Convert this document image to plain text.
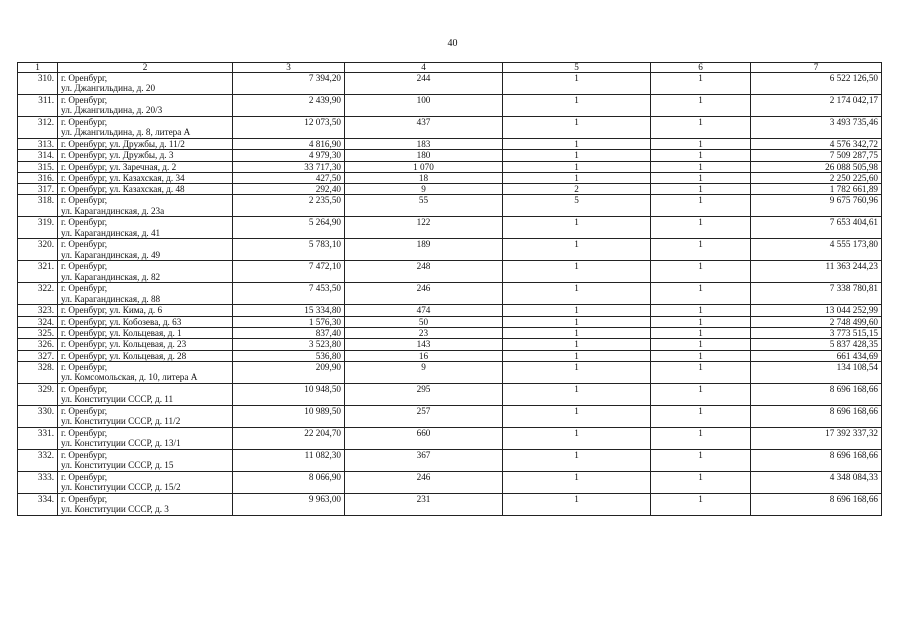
40
1	2	3	4	5	6	7
310.	г. Оренбург,
ул. Джангильдина, д. 20	7 394,20	244	1	1	6 522 126,50
311.	г. Оренбург,
ул. Джангильдина, д. 20/3	2 439,90	100	1	1	2 174 042,17
312.	г. Оренбург,
ул. Джангильдина, д. 8, литера А	12 073,50	437	1	1	3 493 735,46
313.	г. Оренбург, ул. Дружбы, д. 11/2	4 816,90	183	1	1	4 576 342,72
314.	г. Оренбург, ул. Дружбы, д. 3	4 979,30	180	1	1	7 509 287,75
315.	г. Оренбург, ул. Заречная, д. 2	33 717,30	1 070	1	1	26 088 505,98
316.	г. Оренбург, ул. Казахская, д. 34	427,50	18	1	1	2 250 225,60
317.	г. Оренбург, ул. Казахская, д. 48	292,40	9	2	1	1 782 661,89
318.	г. Оренбург,
ул. Карагандинская, д. 23а	2 235,50	55	5	1	9 675 760,96
319.	г. Оренбург,
ул. Карагандинская, д. 41	5 264,90	122	1	1	7 653 404,61
320.	г. Оренбург,
ул. Карагандинская, д. 49	5 783,10	189	1	1	4 555 173,80
321.	г. Оренбург,
ул. Карагандинская, д. 82	7 472,10	248	1	1	11 363 244,23
322.	г. Оренбург,
ул. Карагандинская, д. 88	7 453,50	246	1	1	7 338 780,81
323.	г. Оренбург, ул. Кима, д. 6	15 334,80	474	1	1	13 044 252,99
324.	г. Оренбург, ул. Кобозева, д. 63	1 576,30	50	1	1	2 748 499,60
325.	г. Оренбург, ул. Кольцевая, д. 1	837,40	23	1	1	3 773 515,15
326.	г. Оренбург, ул. Кольцевая, д. 23	3 523,80	143	1	1	5 837 428,35
327.	г. Оренбург, ул. Кольцевая, д. 28	536,80	16	1	1	661 434,69
328.	г. Оренбург,
ул. Комсомольская, д. 10, литера А	209,90	9	1	1	134 108,54
329.	г. Оренбург,
ул. Конституции СССР, д. 11	10 948,50	295	1	1	8 696 168,66
330.	г. Оренбург,
ул. Конституции СССР, д. 11/2	10 989,50	257	1	1	8 696 168,66
331.	г. Оренбург,
ул. Конституции СССР, д. 13/1	22 204,70	660	1	1	17 392 337,32
332.	г. Оренбург,
ул. Конституции СССР, д. 15	11 082,30	367	1	1	8 696 168,66
333.	г. Оренбург,
ул. Конституции СССР, д. 15/2	8 066,90	246	1	1	4 348 084,33
334.	г. Оренбург,
ул. Конституции СССР, д. 3	9 963,00	231	1	1	8 696 168,66
